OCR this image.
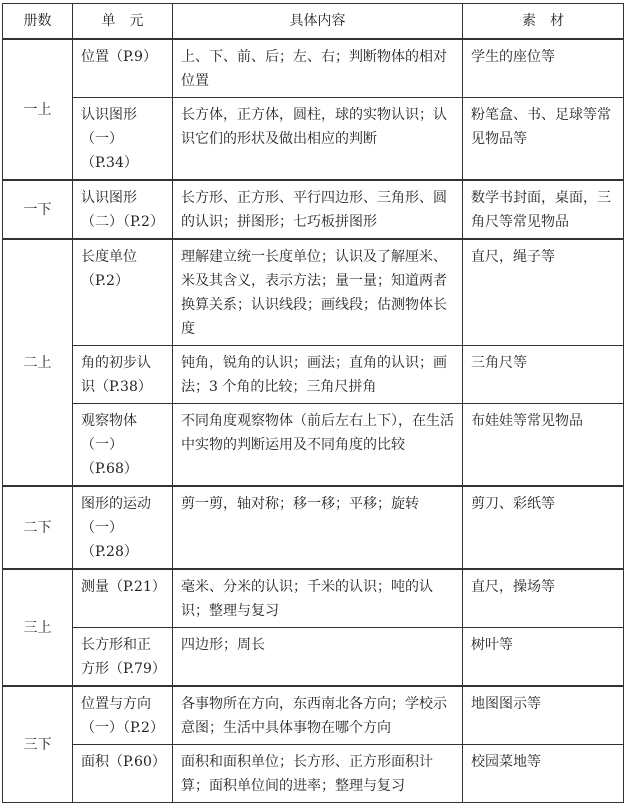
册数	单　元	具体内容	素　材
一上	位置（P.9）	上、下、前、后；左、右；判断物体的相对位置	学生的座位等
	认识图形（一）（P.34）	长方体，正方体，圆柱，球的实物认识；认识它们的形状及做出相应的判断	粉笔盒、书、足球等常见物品等
一下	认识图形（二）（P.2）	长方形、正方形、平行四边形、三角形、圆的认识；拼图形；七巧板拼图形	数学书封面，桌面，三角尺等常见物品
二上	长度单位（P.2）	理解建立统一长度单位；认识及了解厘米、米及其含义，表示方法；量一量；知道两者换算关系；认识线段；画线段；估测物体长度	直尺，绳子等
	角的初步认识（P.38）	钝角，锐角的认识；画法；直角的认识；画法；3 个角的比较；三角尺拼角	三角尺等
	观察物体（一）（P.68）	不同角度观察物体（前后左右上下），在生活中实物的判断运用及不同角度的比较	布娃娃等常见物品
二下	图形的运动（一）（P.28）	剪一剪，轴对称；移一移；平移；旋转	剪刀、彩纸等
三上	测量（P.21）	毫米、分米的认识；千米的认识；吨的认识；整理与复习	直尺，操场等
	长方形和正方形（P.79）	四边形；周长	树叶等
三下	位置与方向（一）（P.2）	各事物所在方向，东西南北各方向；学校示意图；生活中具体事物在哪个方向	地图图示等
	面积（P.60）	面积和面积单位；长方形、正方形面积计算；面积单位间的进率；整理与复习	校园菜地等
